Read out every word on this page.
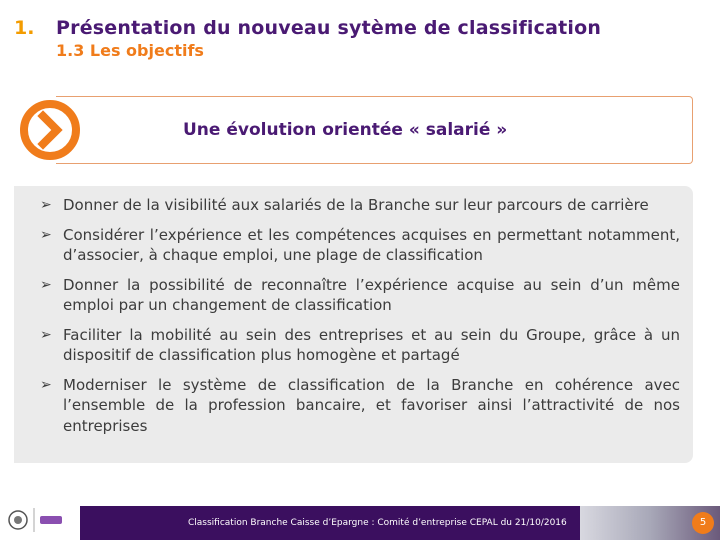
1. Présentation du nouveau sytème de classification
1.3 Les objectifs
Une évolution orientée « salarié »
➢ Donner de la visibilité aux salariés de la Branche sur leur parcours de carrière
➢ Considérer l’expérience et les compétences acquises en permettant notamment, d’associer, à chaque emploi, une plage de classification
➢ Donner la possibilité de reconnaître l’expérience acquise au sein d’un même emploi par un changement de classification
➢ Faciliter la mobilité au sein des entreprises et au sein du Groupe, grâce à un dispositif de classification plus homogène et partagé
➢ Moderniser le système de classification de la Branche en cohérence avec l’ensemble de la profession bancaire, et favoriser ainsi l’attractivité de nos entreprises
Classification Branche Caisse d’Epargne : Comité d’entreprise CEPAL du 21/10/2016	5
